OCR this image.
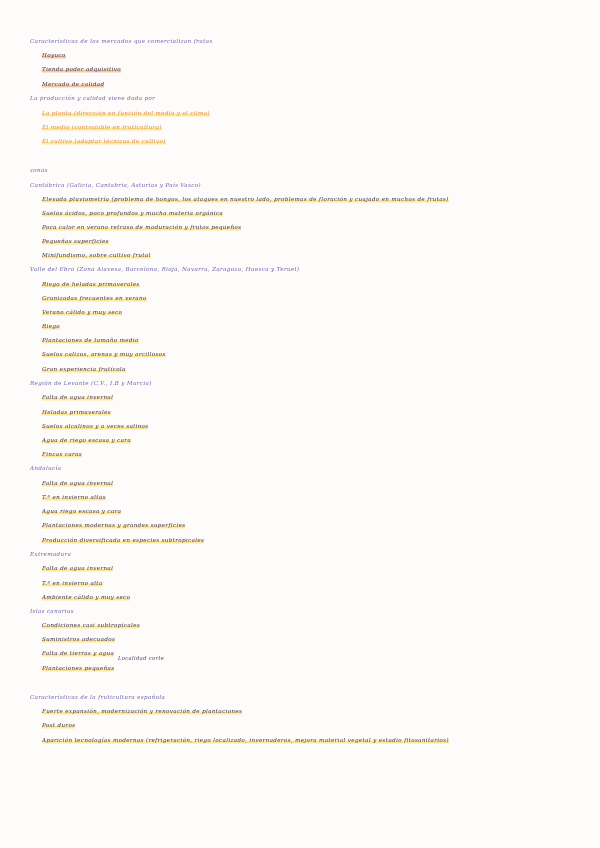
Características de los mercados que comercializan frutas
Hoyuco
Tienda poder adquisitivo
Mercado de calidad
La producción y calidad viene dada por
La planta (dirección en función del medio y el clima)
El medio (controlable en fruticultura)
El cultivo (adaptar técnicas de cultivo)
zonas
Cantábrica (Galicia, Cantabria, Asturias y País Vasco)
Elevada pluviometría (problema de hongos, los ataques en nuestro lado, problemas de floración y cuajado en muchos de frutas)
Suelos ácidos, poco profundos y mucha materia orgánica
Poca calor en verano retraso de maduración y frutos pequeños
Pequeñas superficies
Minifundismo, sobre cultivo frutal
Valle del Ebro (Zona Alavesa, Barcelona, Rioja, Navarra, Zaragoza, Huesca y Teruel)
Riego de heladas primaverales
Granizadas frecuentes en verano
Verano cálido y muy seco
Riego
Plantaciones de tamaño medio
Suelos calizos, arenas y muy arcillosos
Gran experiencia frutícola
Región de Levante (C.V., I.B y Murcia)
Falta de agua invernal
Heladas primaverales
Suelos alcalinos y a veces salinos
Agua de riego escasa y cara
Fincas caras
Andalucía
Falta de agua invernal
T.ª en invierno altas
Agua riego escasa y cara
Plantaciones modernas y grandes superficies
Producción diversificada en especies subtropicales
Extremadura
Falta de agua invernal
T.ª en invierno alta
Ambiente cálido y muy seco
Islas canarias
Condiciones casi subtropicales
Suministros adecuados
Falta de tierras y agua
Localidad corte
Plantaciones pequeñas
Características de la fruticultura española
Fuerte expansión, modernización y renovación de plantaciones
Post duros
Aparición tecnologías modernas (refrigeración, riego localizado, invernaderos, mejora material vegetal y estudio fitosanitarios)
